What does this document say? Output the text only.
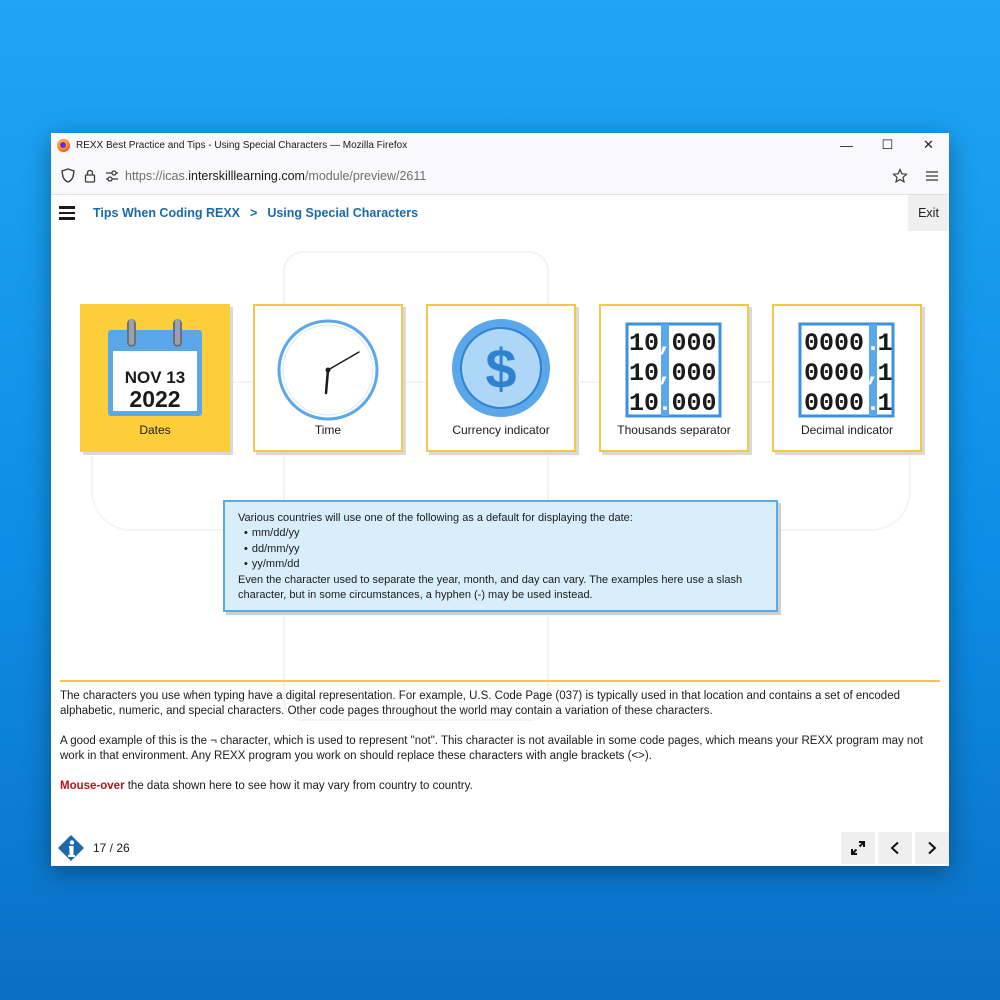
REXX Best Practice and Tips - Using Special Characters — Mozilla Firefox	—	☐	✕
https://icas. interskilllearning.com /module/preview/2611
Tips When Coding REXX > Using Special Characters	Exit
NOV 13
2022
Dates	Time
$
Currency indicator
10
,
000
10
,
000
10
.
000
Thousands separator
0000 .
1
0000 ,
1
0000 .
1
Decimal indicator
Various countries will use one of the following as a default for displaying the date:
• mm/dd/yy
• dd/mm/yy
• yy/mm/dd
Even the character used to separate the year, month, and day can vary. The examples here use a slash character, but in some circumstances, a hyphen (-) may be used instead.

The characters you use when typing have a digital representation. For example, U.S. Code Page (037) is typically used in that location and contains a set of encoded alphabetic, numeric, and special characters. Other code pages throughout the world may contain a variation of these characters.

A good example of this is the ¬ character, which is used to represent "not". This character is not available in some code pages, which means your REXX program may not work in that environment. Any REXX program you work on should replace these characters with angle brackets (<>).

Mouse-over the data shown here to see how it may vary from country to country.

17 / 26
